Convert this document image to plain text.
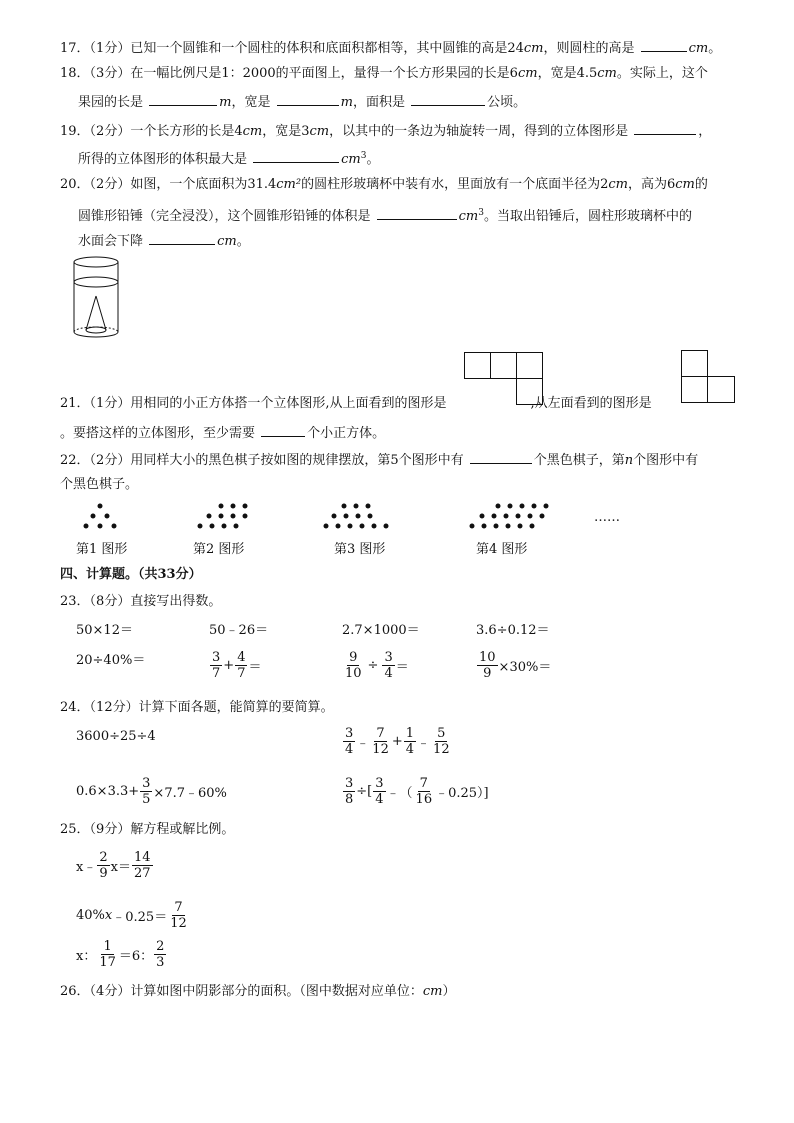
17．（1分）已知一个圆锥和一个圆柱的体积和底面积都相等，其中圆锥的高是24cm，则圆柱的高是	cm。
18．（3分）在一幅比例尺是1：2000的平面图上，量得一个长方形果园的长是6cm，宽是4.5cm。实际上，这个
果园的长是	m，宽是	m，面积是	公顷。
19．（2分）一个长方形的长是4cm，宽是3cm，以其中的一条边为轴旋转一周，得到的立体图形是	，
所得的立体图形的体积最大是	$cm^3$。
20．（2分）如图，一个底面积为31.4cm²的圆柱形玻璃杯中装有水，里面放有一个底面半径为2cm，高为6cm的
圆锥形铅锤（完全浸没），这个圆锥形铅锤的体积是	$cm^3$。当取出铅锤后，圆柱形玻璃杯中的
水面会下降	cm。
21．（1分）用相同的小正方体搭一个立体图形,从上面看到的图形是	,从左面看到的图形是
。要搭这样的立体图形，至少需要	个小正方体。
22．（2分）用同样大小的黑色棋子按如图的规律摆放，第5个图形中有	个黑色棋子，第n个图形中有
个黑色棋子。
……
第1 图形	第2 图形	第3 图形	第4 图形
四、计算题。（共33分）
23．（8分）直接写出得数。
50×12＝	50﹣26＝	2.7×1000＝	3.6÷0.12＝
20÷40%＝	$\frac{3}{7} + \frac{4}{7}$ ＝	$\frac{9}{10} \div \frac{3}{4}$ ＝	$\frac{10}{9} \times 30\%=$
24．（12分）计算下面各题，能简算的要简算。
3600÷25÷4	$\frac{3}{4}$ ﹣ $\frac{7}{12} + \frac{1}{4}$ ﹣ $\frac{5}{12}$
$0.6\times 3.3+ \frac{3}{5}$ ×7.7﹣60%	$\frac{3}{8}$ ÷[ $\frac{3}{4}$ ﹣（ $\frac{7}{16}$ ﹣0.25）]
25．（9分）解方程或解比例。
x﹣ $\frac{2}{9} x= \frac{14}{27}$
40% x ﹣0.25＝ $\frac{7}{12}$
x： $\frac{1}{17} =6$： $\frac{2}{3}$
26．（4分）计算如图中阴影部分的面积。（图中数据对应单位：cm）
